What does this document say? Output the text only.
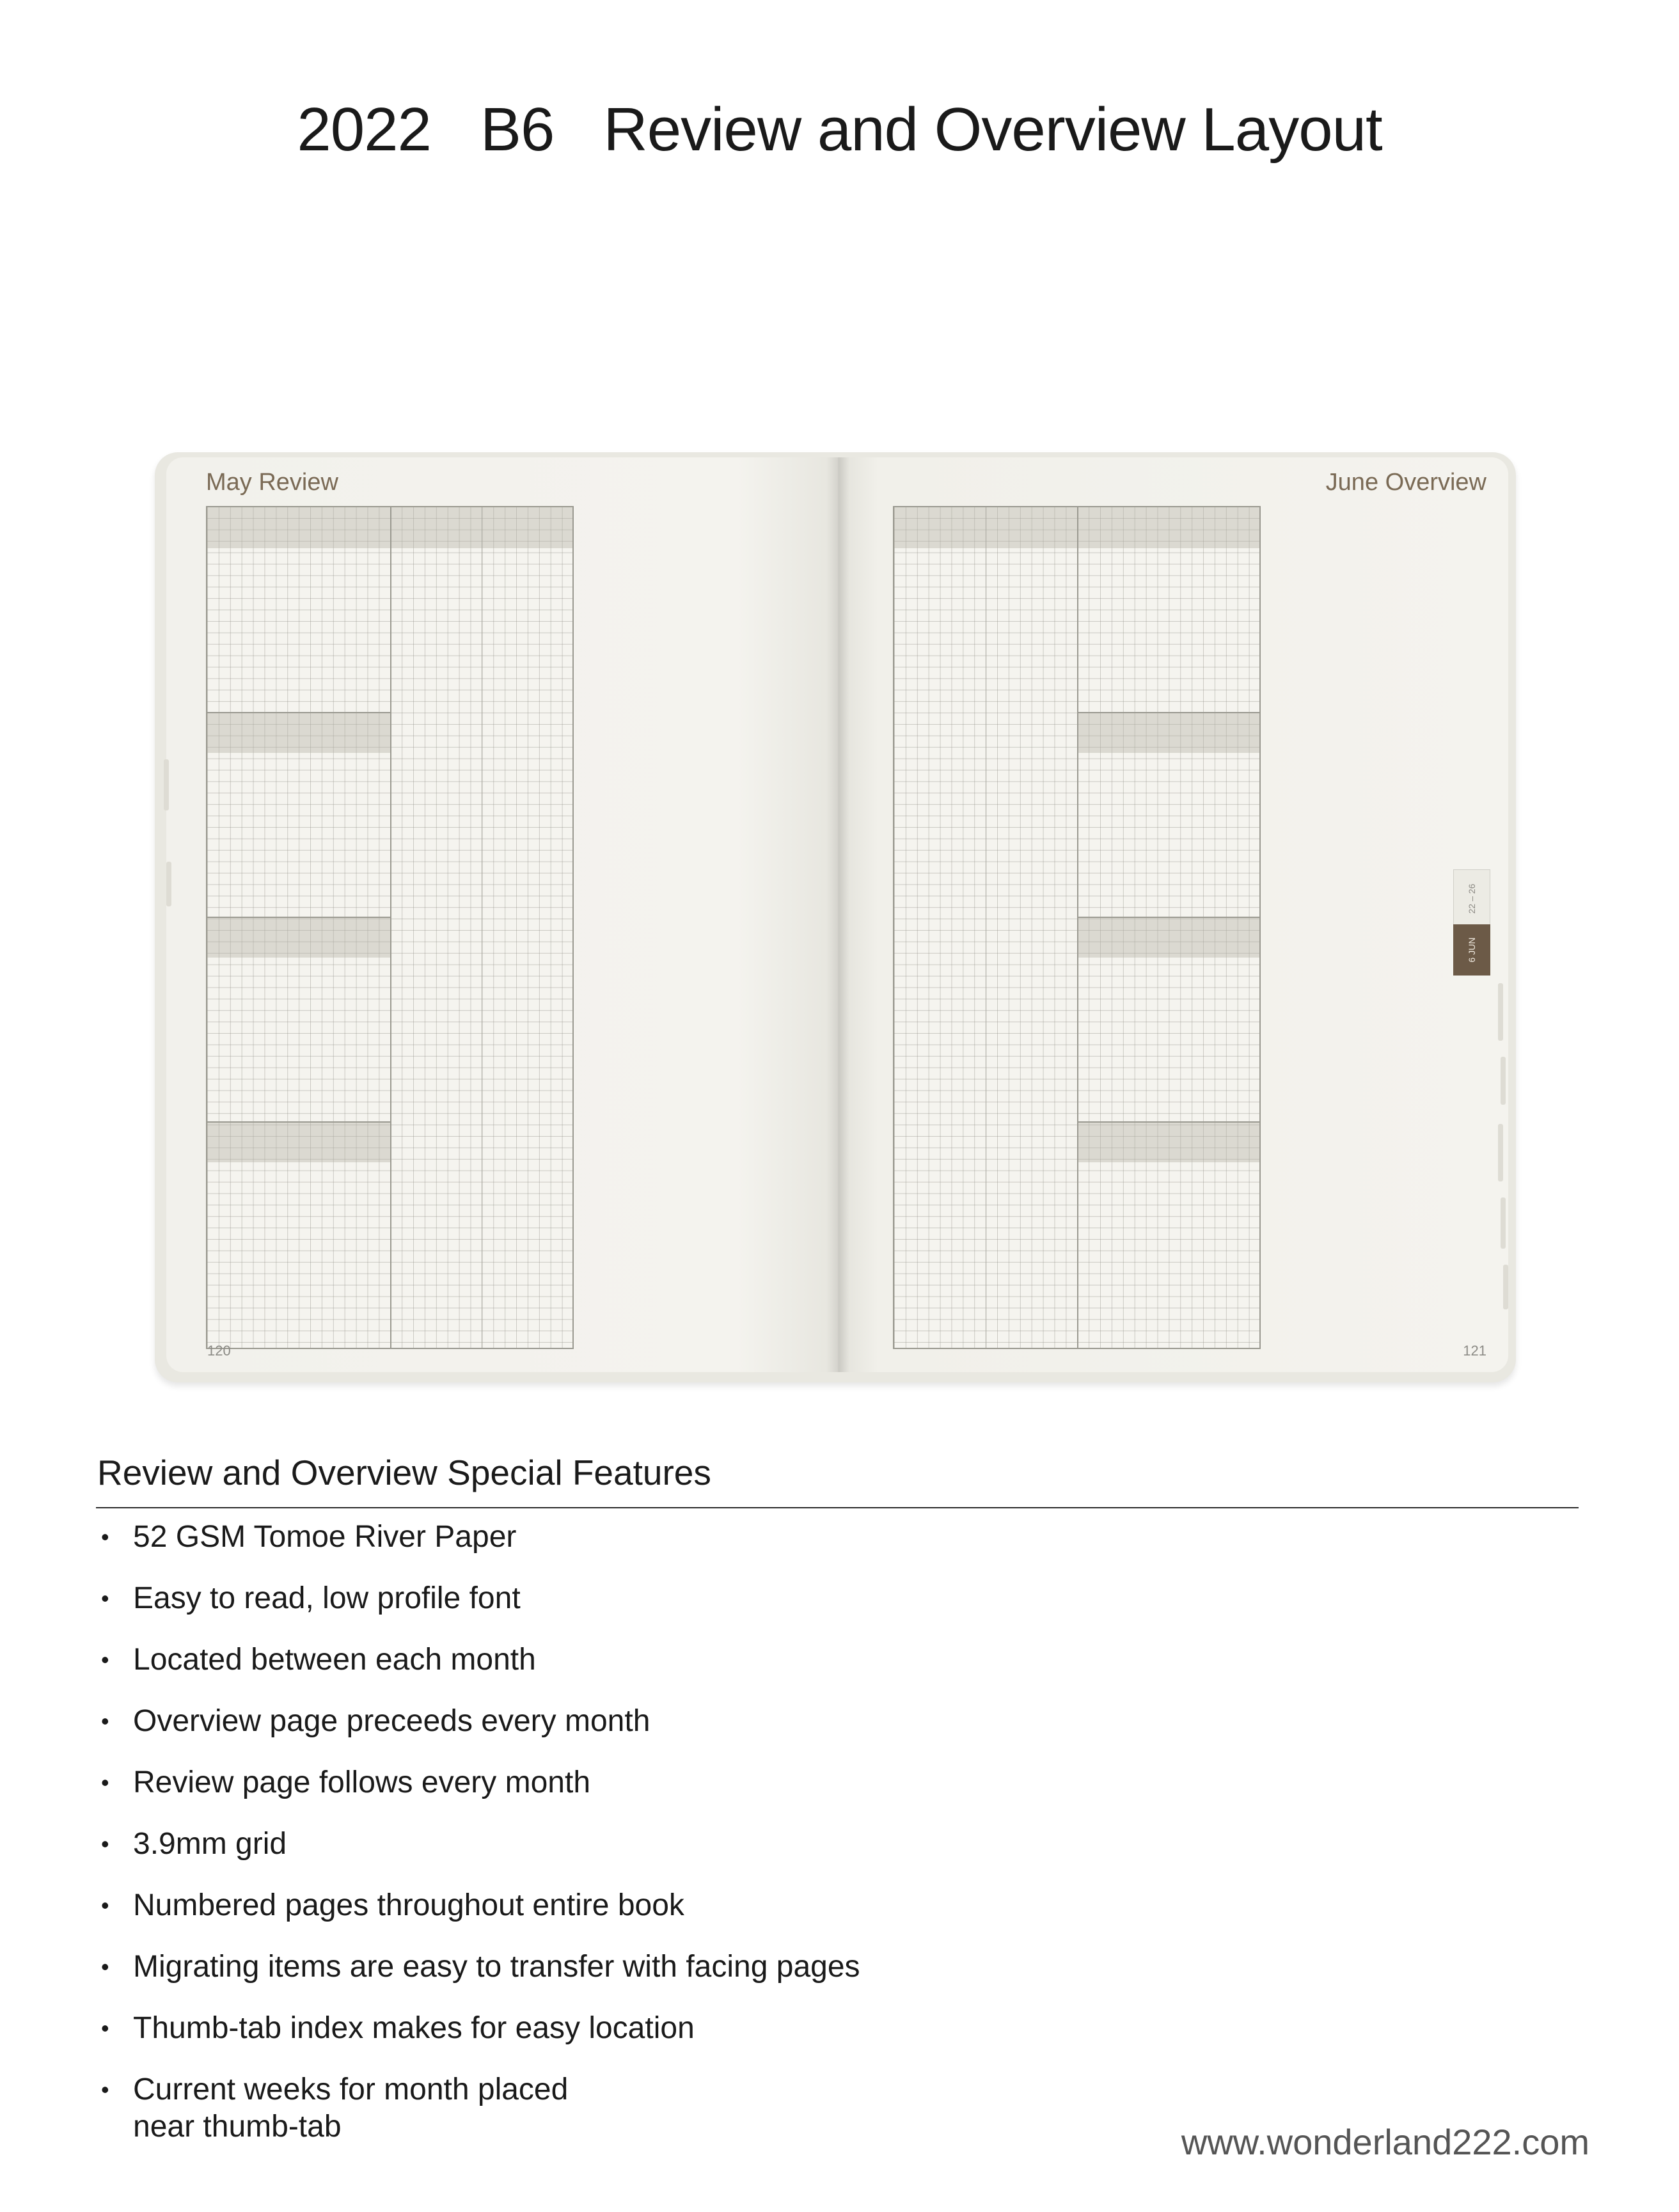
2022   B6   Review and Overview Layout
May Review
120
June Overview
121
22 – 26
6 JUN
Review and Overview Special Features
• 52 GSM Tomoe River Paper
• Easy to read, low profile font
• Located between each month
• Overview page preceeds every month
• Review page follows every month
• 3.9mm grid
• Numbered pages throughout entire book
• Migrating items are easy to transfer with facing pages
• Thumb-tab index makes for easy location
• Current weeks for month placed
near thumb-tab	www.wonderland222.com
